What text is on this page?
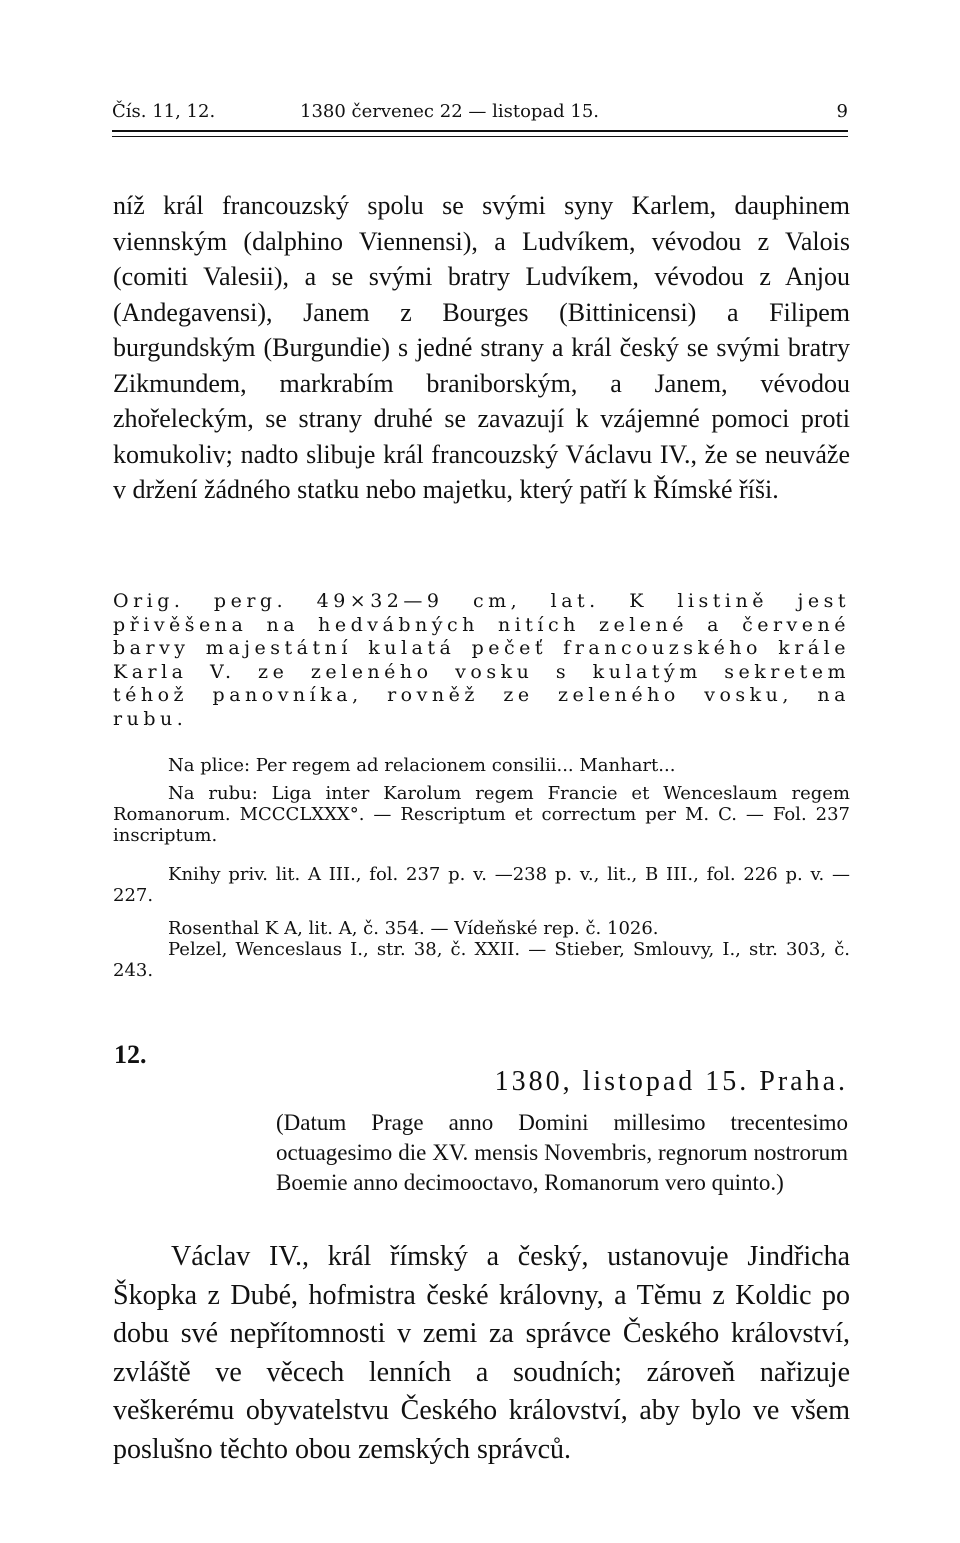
Čís. 11, 12.	1380 červenec 22 — listopad 15.	9

níž král francouzský spolu se svými syny Karlem, dauphinem viennským (dalphino Viennensi), a Ludvíkem, vévodou z Valois (comiti Valesii), a se svými bratry Ludvíkem, vévodou z Anjou (Andegavensi), Janem z Bourges (Bittinicensi) a Filipem burgundským (Burgundie) s jedné strany a král český se svými bratry Zikmundem, markrabím braniborským, a Janem, vévodou zhořeleckým, se strany druhé se zavazují k vzájemné pomoci proti komukoliv; nadto slibuje král francouzský Václavu IV., že se neuváže v držení žádného statku nebo majetku, který patří k Římské říši.

Orig. perg. 49×32—9 cm, lat. K listině jest přivěšena na hedvábných nitích zelené a červené barvy majestátní kulatá pečeť francouzského krále Karla V. ze zeleného vosku s kulatým sekretem téhož panovníka, rovněž ze zeleného vosku, na rubu.

Na plice: Per regem ad relacionem consilii... Manhart...

Na rubu: Liga inter Karolum regem Francie et Wenceslaum regem Romanorum. MCCCLXXX°. — Rescriptum et correctum per M. C. — Fol. 237 inscriptum.

Knihy priv. lit. A III., fol. 237 p. v. —238 p. v., lit., B III., fol. 226 p. v. —227.

Rosenthal K A, lit. A, č. 354. — Vídeňské rep. č. 1026.

Pelzel, Wenceslaus I., str. 38, č. XXII. — Stieber, Smlouvy, I., str. 303, č. 243.

12.
1380, listopad 15. Praha.

(Datum Prage anno Domini millesimo trecentesimo octuagesimo die XV. mensis Novembris, regnorum nostrorum Boemie anno decimooctavo, Romanorum vero quinto.)

Václav IV., král římský a český, ustanovuje Jindřicha Škopka z Dubé, hofmistra české královny, a Těmu z Koldic po dobu své nepřítomnosti v zemi za správce Českého království, zvláště ve věcech lenních a soudních; zároveň nařizuje veškerému obyvatelstvu Českého království, aby bylo ve všem poslušno těchto obou zemských správců.
